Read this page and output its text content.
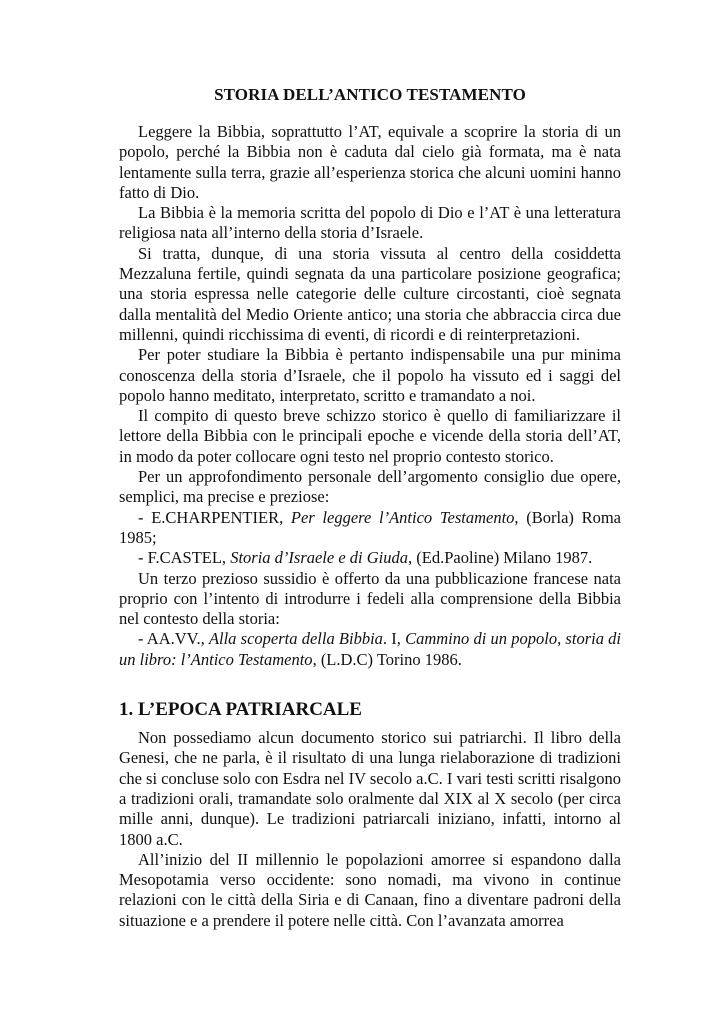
STORIA DELL’ANTICO TESTAMENTO

Leggere la Bibbia, soprattutto l’AT, equivale a scoprire la storia di un popolo, perché la Bibbia non è caduta dal cielo già formata, ma è nata lentamente sulla terra, grazie all’esperienza storica che alcuni uomini hanno fatto di Dio.

La Bibbia è la memoria scritta del popolo di Dio e l’AT è una letteratura religiosa nata all’interno della storia d’Israele.

Si tratta, dunque, di una storia vissuta al centro della cosiddetta Mezzaluna fertile, quindi segnata da una particolare posizione geografica; una storia espressa nelle categorie delle culture circostanti, cioè segnata dalla mentalità del Medio Oriente antico; una storia che abbraccia circa due millenni, quindi ricchissima di eventi, di ricordi e di reinterpretazioni.

Per poter studiare la Bibbia è pertanto indispensabile una pur minima conoscenza della storia d’Israele, che il popolo ha vissuto ed i saggi del popolo hanno meditato, interpretato, scritto e tramandato a noi.

Il compito di questo breve schizzo storico è quello di familiarizzare il lettore della Bibbia con le principali epoche e vicende della storia dell’AT, in modo da poter collocare ogni testo nel proprio contesto storico.

Per un approfondimento personale dell’argomento consiglio due opere, semplici, ma precise e preziose:

- E.CHARPENTIER, Per leggere l’Antico Testamento, (Borla) Roma 1985;

- F.CASTEL, Storia d’Israele e di Giuda, (Ed.Paoline) Milano 1987.

Un terzo prezioso sussidio è offerto da una pubblicazione francese nata proprio con l’intento di introdurre i fedeli alla comprensione della Bibbia nel contesto della storia:

- AA.VV., Alla scoperta della Bibbia. I, Cammino di un popolo, storia di un libro: l’Antico Testamento, (L.D.C) Torino 1986.

1. L’EPOCA PATRIARCALE

Non possediamo alcun documento storico sui patriarchi. Il libro della Genesi, che ne parla, è il risultato di una lunga rielaborazione di tradizioni che si concluse solo con Esdra nel IV secolo a.C. I vari testi scritti risalgono a tradizioni orali, tramandate solo oralmente dal XIX al X secolo (per circa mille anni, dunque). Le tradizioni patriarcali iniziano, infatti, intorno al 1800 a.C.

All’inizio del II millennio le popolazioni amorree si espandono dalla Mesopotamia verso occidente: sono nomadi, ma vivono in continue relazioni con le città della Siria e di Canaan, fino a diventare padroni della situazione e a prendere il potere nelle città. Con l’avanzata amorrea
